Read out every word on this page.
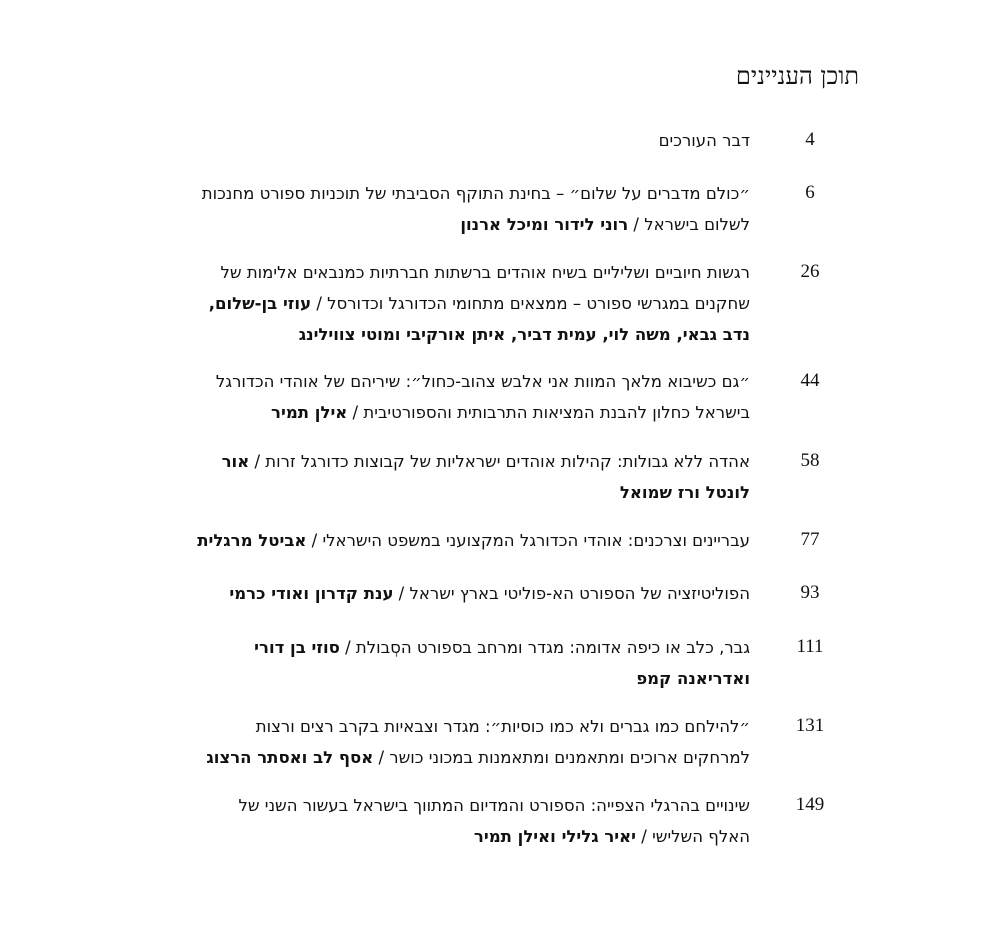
תוכן העניינים
4
דבר העורכים
6
״כולם מדברים על שלום״ – בחינת התוקף הסביבתי של תוכניות ספורט מחנכות
לשלום בישראל / רוני לידור ומיכל ארנון
26
רגשות חיוביים ושליליים בשיח אוהדים ברשתות חברתיות כמנבאים אלימות של
שחקנים במגרשי ספורט – ממצאים מתחומי הכדורגל וכדורסל / עוזי בן-שלום,
נדב גבאי, משה לוי, עמית דביר, איתן אורקיבי ומוטי צווילינג
44
״גם כשיבוא מלאך המוות אני אלבש צהוב-כחול״: שיריהם של אוהדי הכדורגל
בישראל כחלון להבנת המציאות התרבותית והספורטיבית / אילן תמיר
58
אהדה ללא גבולות: קהילות אוהדים ישראליות של קבוצות כדורגל זרות / אור
לונטל ורז שמואל
77
עבריינים וצרכנים: אוהדי הכדורגל המקצועני במשפט הישראלי / אביטל מרגלית
93
הפוליטיזציה של הספורט הא-פוליטי בארץ ישראל / ענת קדרון ואודי כרמי
111
גבר, כלב או כיפה אדומה: מגדר ומרחב בספורט הסְבולת / סוזי בן דורי
ואדריאנה קמפ
131
״להילחם כמו גברים ולא כמו כוסיות״: מגדר וצבאיות בקרב רצים ורצות
למרחקים ארוכים ומתאמנים ומתאמנות במכוני כושר / אסף לב ואסתר הרצוג
149
שינויים בהרגלי הצפייה: הספורט והמדיום המתווך בישראל בעשור השני של
האלף השלישי / יאיר גלילי ואילן תמיר
